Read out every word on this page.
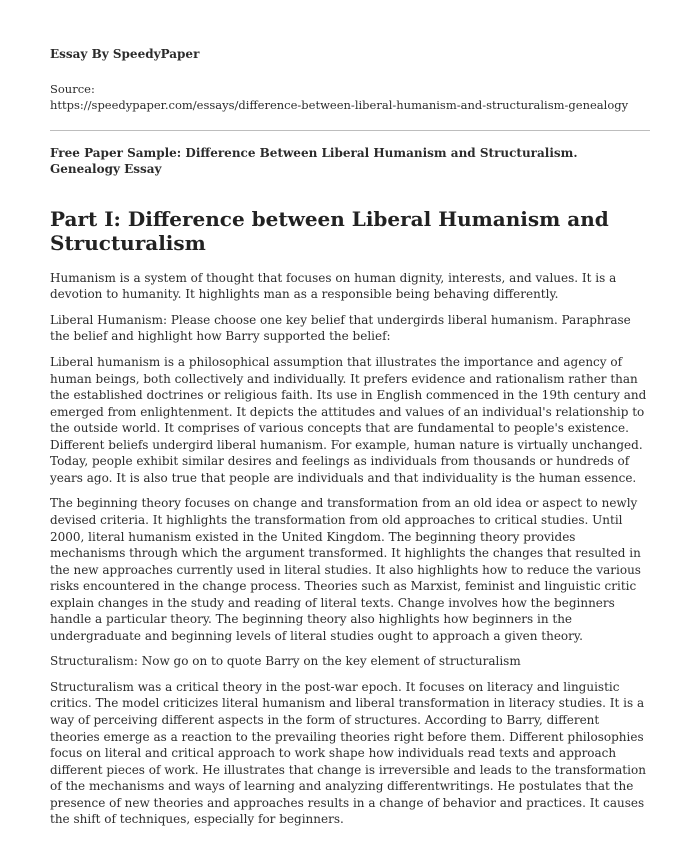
Essay By SpeedyPaper
Source:
https://speedypaper.com/essays/difference-between-liberal-humanism-and-structuralism-genealogy
Free Paper Sample: Difference Between Liberal Humanism and Structuralism. Genealogy Essay
Part I: Difference between Liberal Humanism and Structuralism

Humanism is a system of thought that focuses on human dignity, interests, and values. It is a devotion to humanity. It highlights man as a responsible being behaving differently.

Liberal Humanism: Please choose one key belief that undergirds liberal humanism. Paraphrase the belief and highlight how Barry supported the belief:

Liberal humanism is a philosophical assumption that illustrates the importance and agency of human beings, both collectively and individually. It prefers evidence and rationalism rather than the established doctrines or religious faith. Its use in English commenced in the 19th century and emerged from enlightenment. It depicts the attitudes and values of an individual's relationship to the outside world. It comprises of various concepts that are fundamental to people's existence. Different beliefs undergird liberal humanism. For example, human nature is virtually unchanged. Today, people exhibit similar desires and feelings as individuals from thousands or hundreds of years ago. It is also true that people are individuals and that individuality is the human essence.

The beginning theory focuses on change and transformation from an old idea or aspect to newly devised criteria. It highlights the transformation from old approaches to critical studies. Until 2000, literal humanism existed in the United Kingdom. The beginning theory provides mechanisms through which the argument transformed. It highlights the changes that resulted in the new approaches currently used in literal studies. It also highlights how to reduce the various risks encountered in the change process. Theories such as Marxist, feminist and linguistic critic explain changes in the study and reading of literal texts. Change involves how the beginners handle a particular theory. The beginning theory also highlights how beginners in the undergraduate and beginning levels of literal studies ought to approach a given theory.

Structuralism: Now go on to quote Barry on the key element of structuralism

Structuralism was a critical theory in the post-war epoch. It focuses on literacy and linguistic critics. The model criticizes literal humanism and liberal transformation in literacy studies. It is a way of perceiving different aspects in the form of structures. According to Barry, different theories emerge as a reaction to the prevailing theories right before them. Different philosophies focus on literal and critical approach to work shape how individuals read texts and approach different pieces of work. He illustrates that change is irreversible and leads to the transformation of the mechanisms and ways of learning and analyzing differentwritings. He postulates that the presence of new theories and approaches results in a change of behavior and practices. It causes the shift of techniques, especially for beginners.
